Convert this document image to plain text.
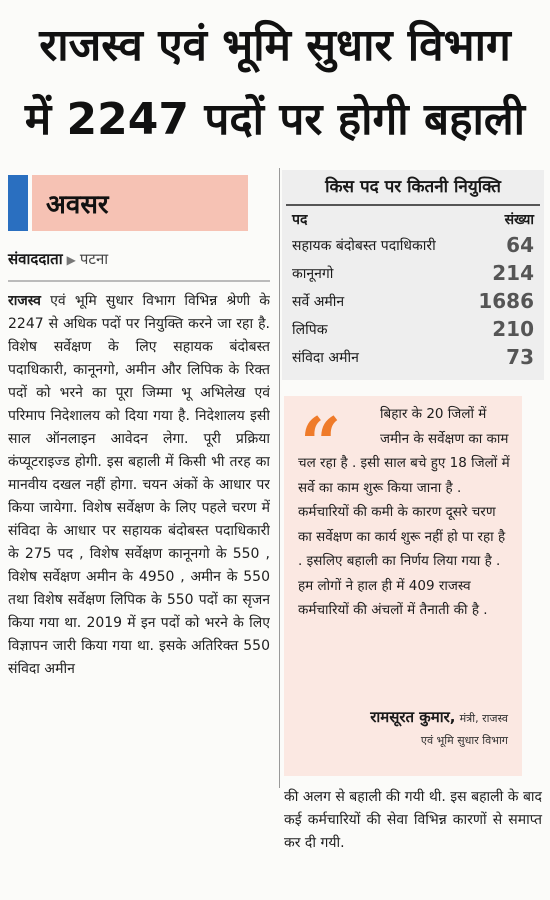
राजस्व एवं भूमि सुधार विभाग
में 2247 पदों पर होगी बहाली
अवसर
संवाददाता ▶ पटना
राजस्व एवं भूमि सुधार विभाग विभिन्न श्रेणी के 2247 से अधिक पदों पर नियुक्ति करने जा रहा है. विशेष सर्वेक्षण के लिए सहायक बंदोबस्त पदाधिकारी, कानूनगो, अमीन और लिपिक के रिक्त पदों को भरने का पूरा जिम्मा भू अभिलेख एवं परिमाप निदेशालय को दिया गया है. निदेशालय इसी साल ऑनलाइन आवेदन लेगा. पूरी प्रक्रिया कंप्यूटराइज्ड होगी. इस बहाली में किसी भी तरह का मानवीय दखल नहीं होगा. चयन अंकों के आधार पर किया जायेगा. विशेष सर्वेक्षण के लिए पहले चरण में संविदा के आधार पर सहायक बंदोबस्त पदाधिकारी के 275 पद , विशेष सर्वेक्षण कानूनगो के 550 , विशेष सर्वेक्षण अमीन के 4950 , अमीन के 550 तथा विशेष सर्वेक्षण लिपिक के 550 पदों का सृजन किया गया था. 2019 में इन पदों को भरने के लिए विज्ञापन जारी किया गया था. इसके अतिरिक्त 550 संविदा अमीन
किस पद पर कितनी नियुक्ति
पद	संख्या
सहायक बंदोबस्त पदाधिकारी	64
कानूनगो	214
सर्वे अमीन	1686
लिपिक	210
संविदा अमीन	73
“	बिहार के 20 जिलों में जमीन के सर्वेक्षण का काम चल रहा है . इसी साल बचे हुए 18 जिलों में सर्वे का काम शुरू किया जाना है . कर्मचारियों की कमी के कारण दूसरे चरण का सर्वेक्षण का कार्य शुरू नहीं हो पा रहा है . इसलिए बहाली का निर्णय लिया गया है . हम लोगों ने हाल ही में 409 राजस्व कर्मचारियों की अंचलों में तैनाती की है .
रामसूरत कुमार, मंत्री, राजस्व
एवं भूमि सुधार विभाग
की अलग से बहाली की गयी थी. इस बहाली के बाद कई कर्मचारियों की सेवा विभिन्न कारणों से समाप्त कर दी गयी.
